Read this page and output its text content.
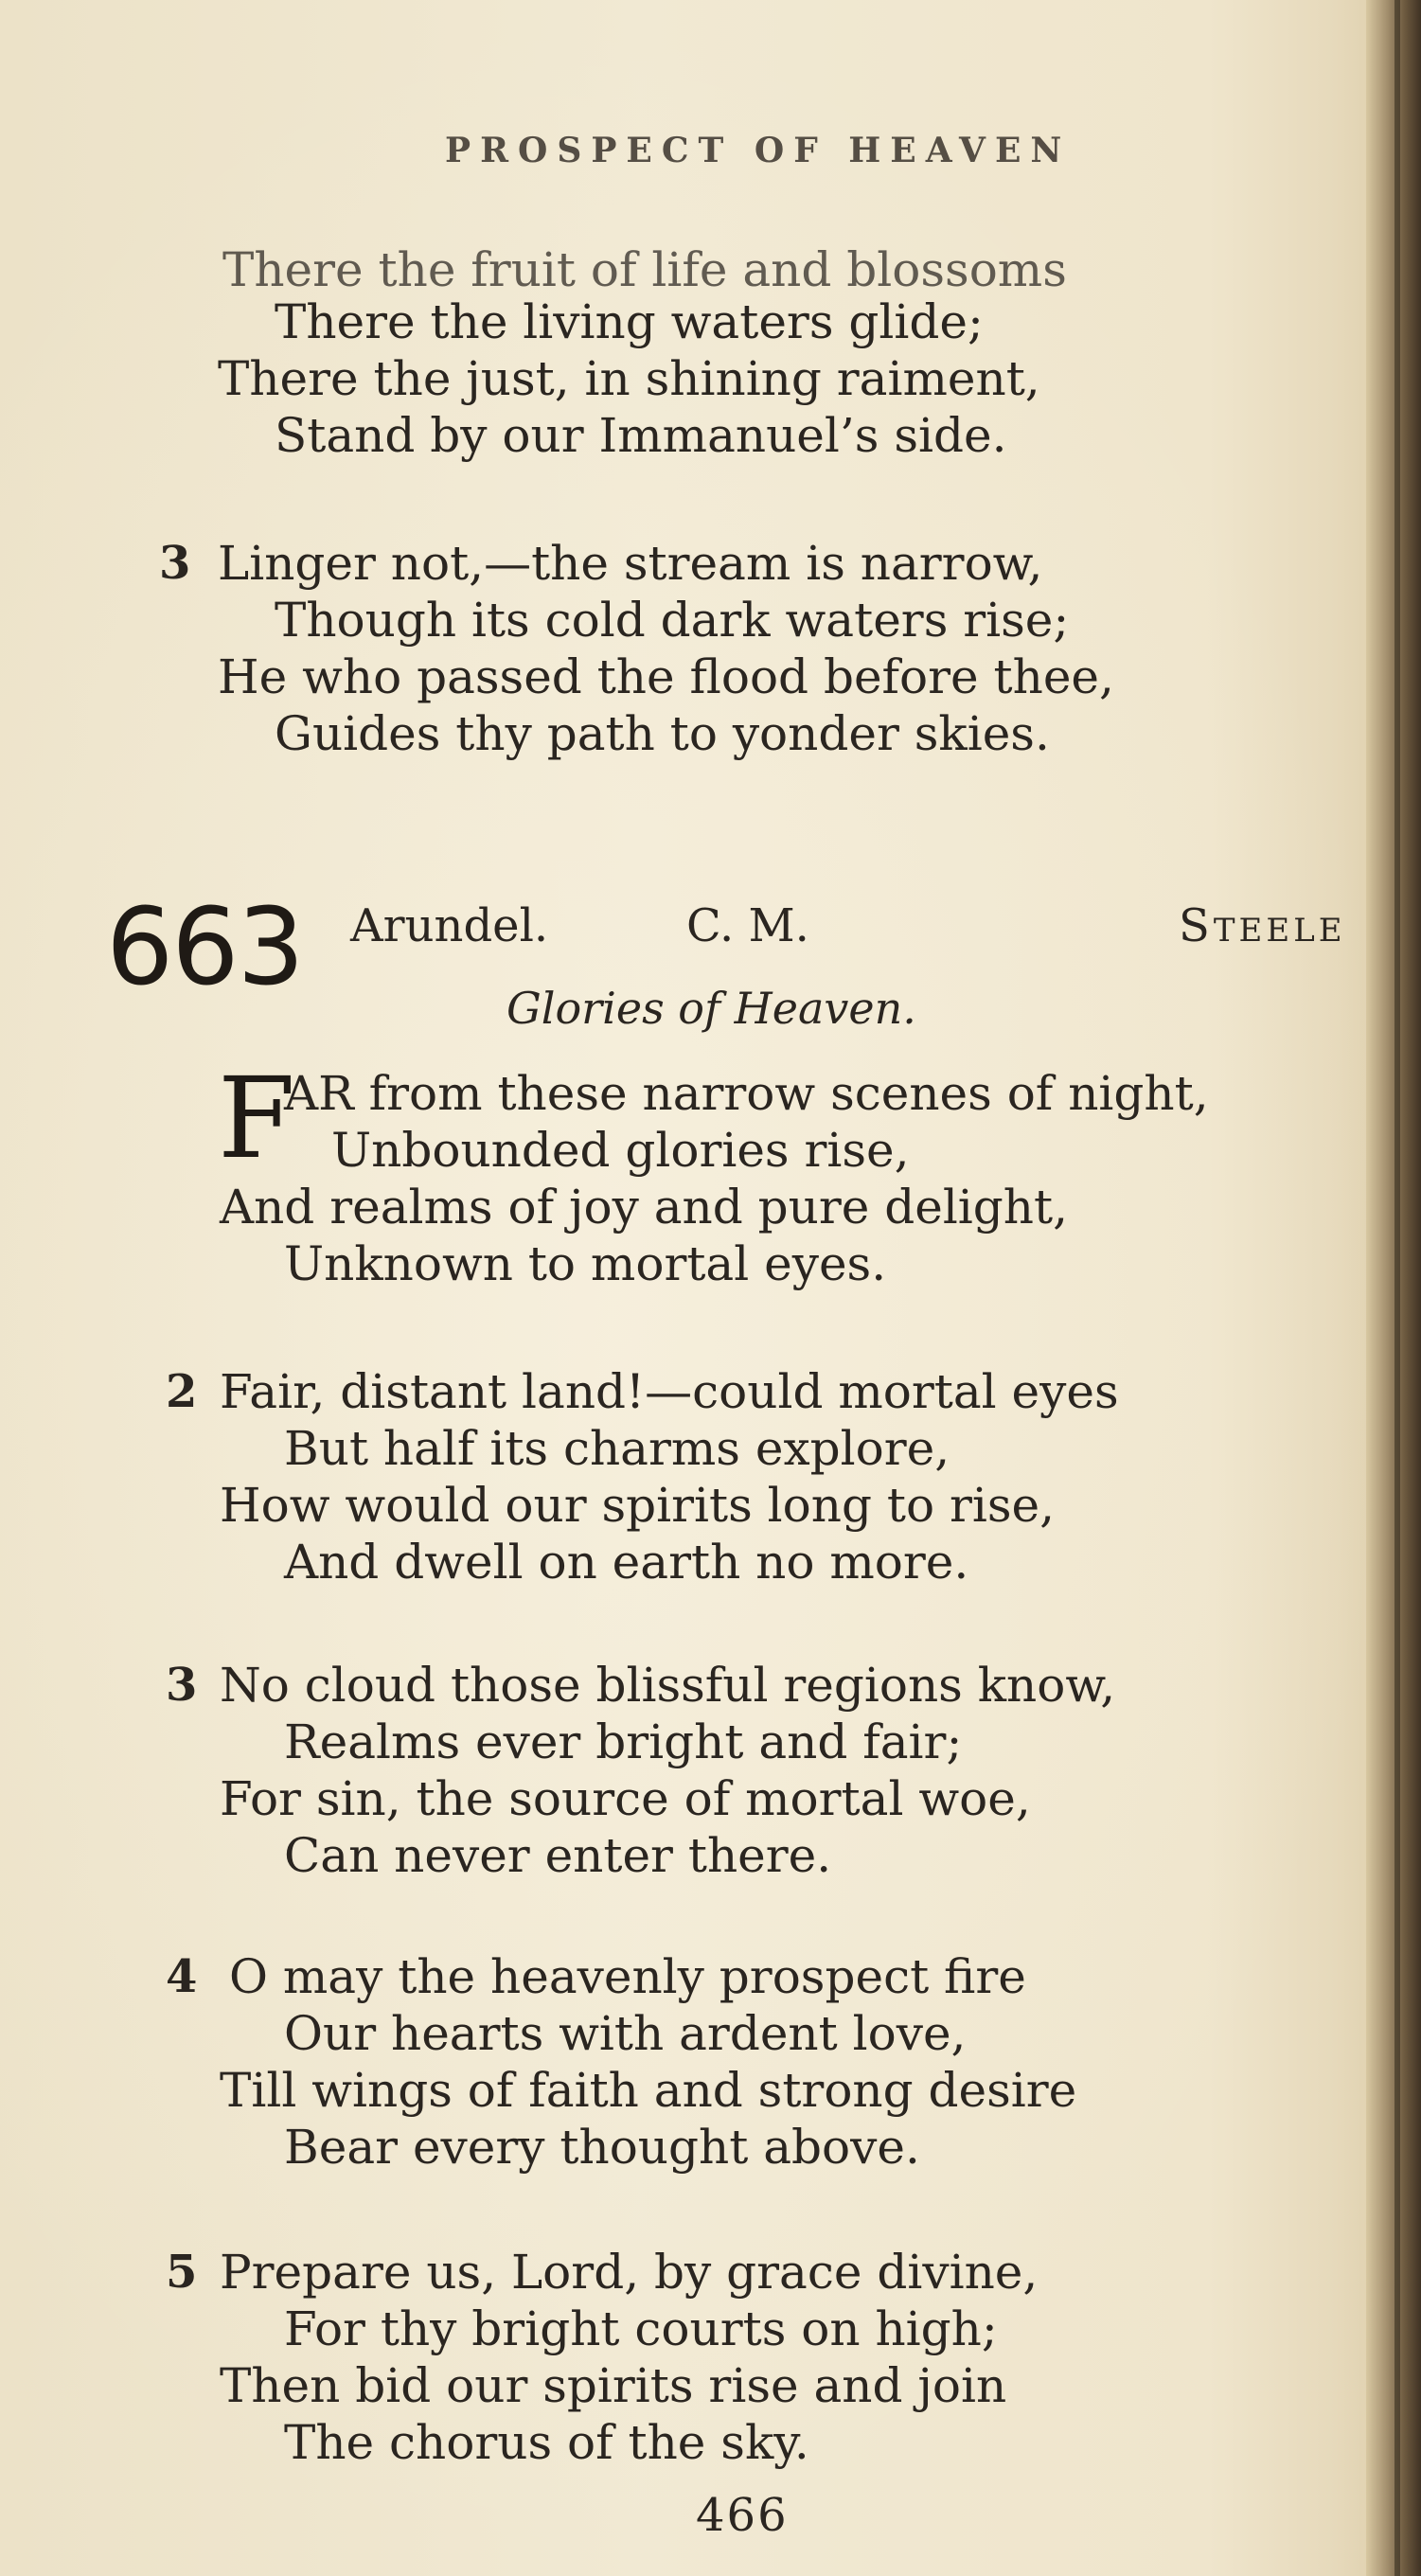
PROSPECT OF HEAVEN
There the fruit of life and blossoms
There the living waters glide;
There the just, in shining raiment,
Stand by our Immanuel’s side.
3 Linger not,—the stream is narrow,
Though its cold dark waters rise;
He who passed the flood before thee,
Guides thy path to yonder skies.
663 Arundel.	C. M.	Steele
Glories of Heaven.
F
AR from these narrow scenes of night,
Unbounded glories rise,
And realms of joy and pure delight,
Unknown to mortal eyes.
2 Fair, distant land!—could mortal eyes
But half its charms explore,
How would our spirits long to rise,
And dwell on earth no more.
3 No cloud those blissful regions know,
Realms ever bright and fair;
For sin, the source of mortal woe,
Can never enter there.
4 O may the heavenly prospect fire
Our hearts with ardent love,
Till wings of faith and strong desire
Bear every thought above.
5 Prepare us, Lord, by grace divine,
For thy bright courts on high;
Then bid our spirits rise and join
The chorus of the sky.
466
